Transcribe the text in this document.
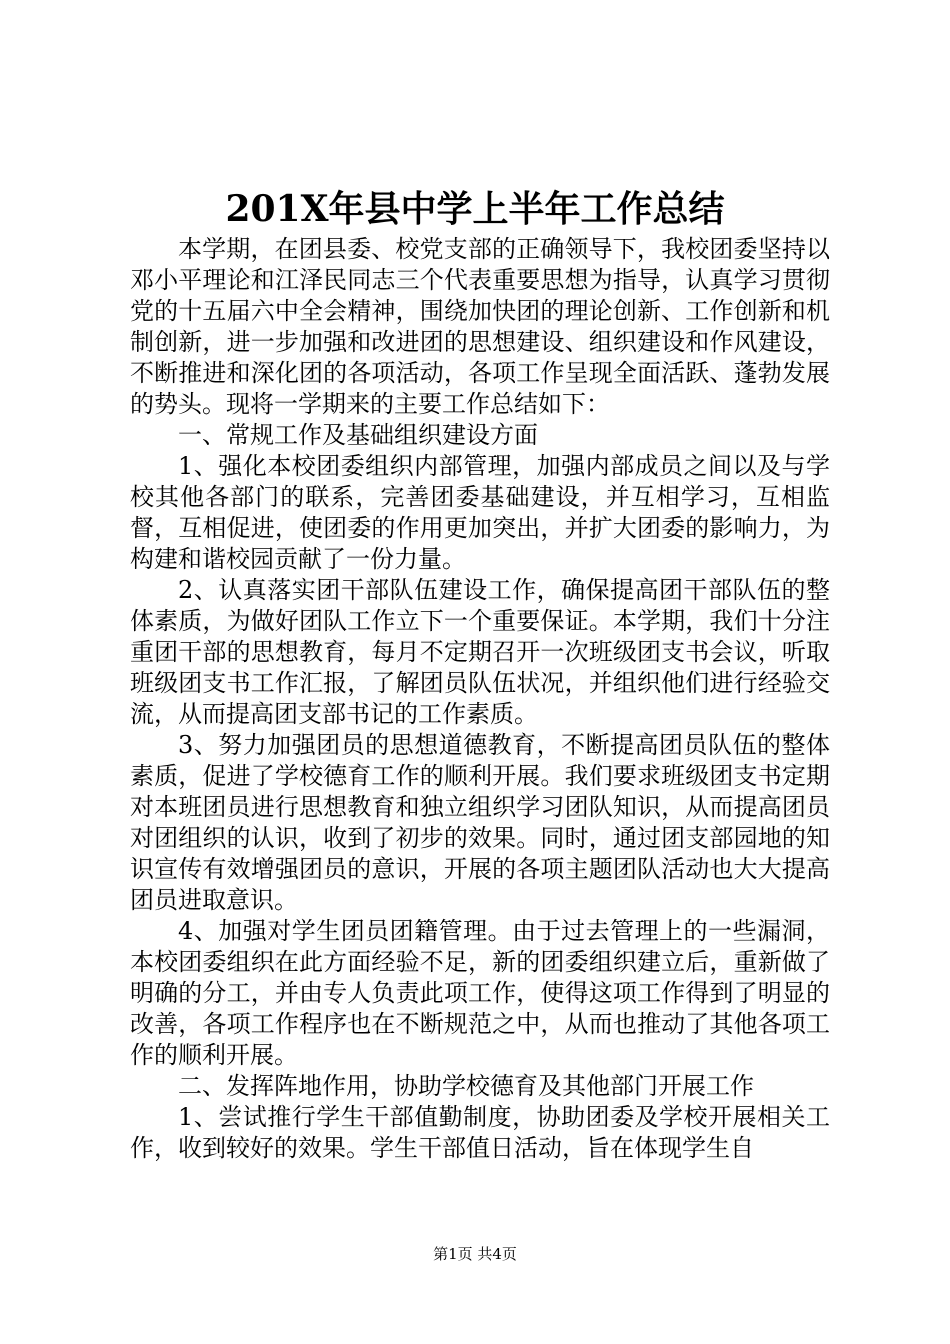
201X年县中学上半年工作总结

本学期，在团县委、校党支部的正确领导下，我校团委坚持以邓小平理论和江泽民同志三个代表重要思想为指导，认真学习贯彻党的十五届六中全会精神，围绕加快团的理论创新、工作创新和机制创新，进一步加强和改进团的思想建设、组织建设和作风建设，不断推进和深化团的各项活动，各项工作呈现全面活跃、蓬勃发展的势头。现将一学期来的主要工作总结如下：

一、常规工作及基础组织建设方面

1、强化本校团委组织内部管理，加强内部成员之间以及与学校其他各部门的联系，完善团委基础建设，并互相学习，互相监督，互相促进，使团委的作用更加突出，并扩大团委的影响力，为构建和谐校园贡献了一份力量。

2、认真落实团干部队伍建设工作，确保提高团干部队伍的整体素质，为做好团队工作立下一个重要保证。本学期，我们十分注重团干部的思想教育，每月不定期召开一次班级团支书会议，听取班级团支书工作汇报，了解团员队伍状况，并组织他们进行经验交流，从而提高团支部书记的工作素质。

3、努力加强团员的思想道德教育，不断提高团员队伍的整体素质，促进了学校德育工作的顺利开展。我们要求班级团支书定期对本班团员进行思想教育和独立组织学习团队知识，从而提高团员对团组织的认识，收到了初步的效果。同时，通过团支部园地的知识宣传有效增强团员的意识，开展的各项主题团队活动也大大提高团员进取意识。

4、加强对学生团员团籍管理。由于过去管理上的一些漏洞，本校团委组织在此方面经验不足，新的团委组织建立后，重新做了明确的分工，并由专人负责此项工作，使得这项工作得到了明显的改善，各项工作程序也在不断规范之中，从而也推动了其他各项工作的顺利开展。

二、发挥阵地作用，协助学校德育及其他部门开展工作

1、尝试推行学生干部值勤制度，协助团委及学校开展相关工作，收到较好的效果。学生干部值日活动，旨在体现学生自

第1页 共4页
